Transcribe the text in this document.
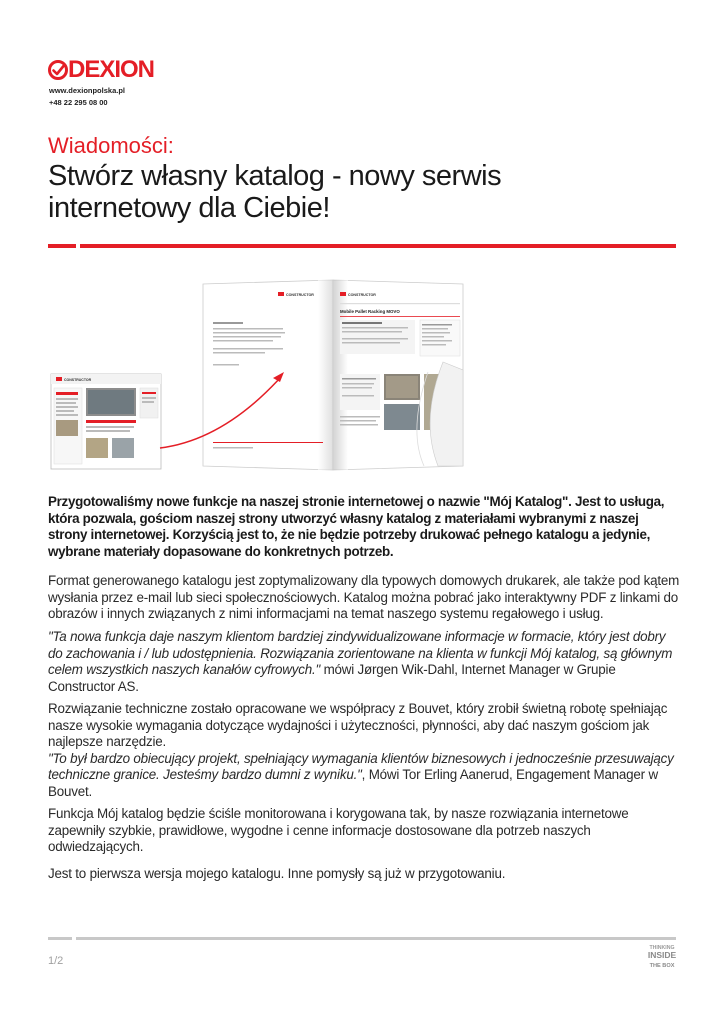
DEXION
www.dexionpolska.pl
+48 22 295 08 00
Wiadomości:
Stwórz własny katalog - nowy serwis internetowy dla Ciebie!
CONSTRUCTOR
CONSTRUCTOR	CONSTRUCTOR
Mobile Pallet Racking MOVO

Przygotowaliśmy nowe funkcje na naszej stronie internetowej o nazwie "Mój Katalog". Jest to usługa, która pozwala, gościom naszej strony utworzyć własny katalog z materiałami wybranymi z naszej strony internetowej. Korzyścią jest to, że nie będzie potrzeby drukować pełnego katalogu a jedynie, wybrane materiały dopasowane do konkretnych potrzeb.

Format generowanego katalogu jest zoptymalizowany dla typowych domowych drukarek, ale także pod kątem wysłania przez e-mail lub sieci społecznościowych. Katalog można pobrać jako interaktywny PDF z linkami do obrazów i innych związanych z nimi informacjami na temat naszego systemu regałowego i usług.

"Ta nowa funkcja daje naszym klientom bardziej zindywidualizowane informacje w formacie, który jest dobry do zachowania i / lub udostępnienia. Rozwiązania zorientowane na klienta w funkcji Mój katalog, są głównym celem wszystkich naszych kanałów cyfrowych." mówi Jørgen Wik-Dahl, Internet Manager w Grupie Constructor AS.

Rozwiązanie techniczne zostało opracowane we współpracy z Bouvet, który zrobił świetną robotę spełniając nasze wysokie wymagania dotyczące wydajności i użyteczności, płynności, aby dać naszym gościom jak najlepsze narzędzie.
"To był bardzo obiecujący projekt, spełniający wymagania klientów biznesowych i jednocześnie przesuwający techniczne granice. Jesteśmy bardzo dumni z wyniku.", Mówi Tor Erling Aanerud, Engagement Manager w Bouvet.

Funkcja Mój katalog będzie ściśle monitorowana i korygowana tak, by nasze rozwiązania internetowe zapewniły szybkie, prawidłowe, wygodne i cenne informacje dostosowane dla potrzeb naszych odwiedzających.

Jest to pierwsza wersja mojego katalogu. Inne pomysły są już w przygotowaniu.

1/2
THINKING
INSIDE
THE BOX
